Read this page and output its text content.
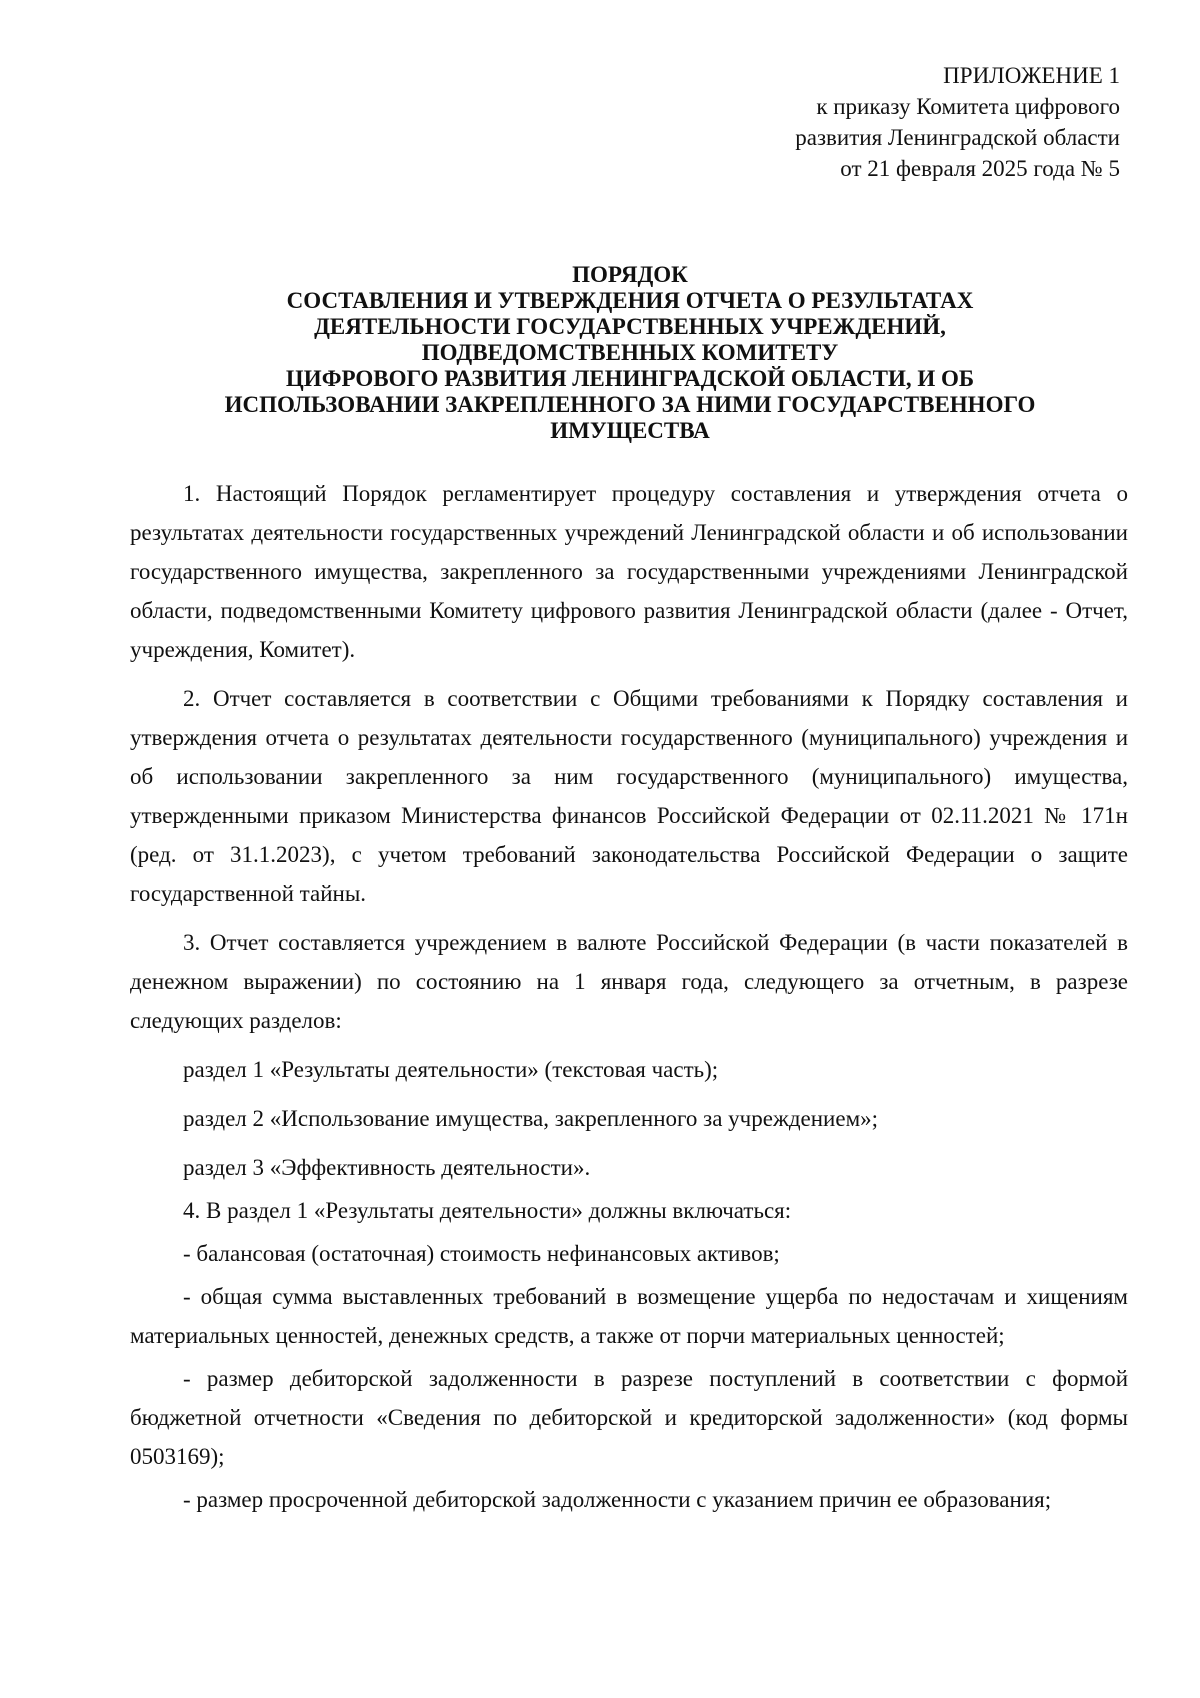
ПРИЛОЖЕНИЕ 1
к приказу Комитета цифрового
развития Ленинградской области
от 21 февраля 2025 года № 5
ПОРЯДОК
СОСТАВЛЕНИЯ И УТВЕРЖДЕНИЯ ОТЧЕТА О РЕЗУЛЬТАТАХ
ДЕЯТЕЛЬНОСТИ ГОСУДАРСТВЕННЫХ УЧРЕЖДЕНИЙ,
ПОДВЕДОМСТВЕННЫХ КОМИТЕТУ
ЦИФРОВОГО РАЗВИТИЯ ЛЕНИНГРАДСКОЙ ОБЛАСТИ, И ОБ
ИСПОЛЬЗОВАНИИ ЗАКРЕПЛЕННОГО ЗА НИМИ ГОСУДАРСТВЕННОГО
ИМУЩЕСТВА

1. Настоящий Порядок регламентирует процедуру составления и утверждения отчета о результатах деятельности государственных учреждений Ленинградской области и об использовании государственного имущества, закрепленного за государственными учреждениями Ленинградской области, подведомственными Комитету цифрового развития Ленинградской области (далее - Отчет, учреждения, Комитет).

2. Отчет составляется в соответствии с Общими требованиями к Порядку составления и утверждения отчета о результатах деятельности государственного (муниципального) учреждения и об использовании закрепленного за ним государственного (муниципального) имущества, утвержденными приказом Министерства финансов Российской Федерации от 02.11.2021 № 171н (ред. от 31.1.2023), с учетом требований законодательства Российской Федерации о защите государственной тайны.

3. Отчет составляется учреждением в валюте Российской Федерации (в части показателей в денежном выражении) по состоянию на 1 января года, следующего за отчетным, в разрезе следующих разделов:

раздел 1 «Результаты деятельности» (текстовая часть);
раздел 2 «Использование имущества, закрепленного за учреждением»;
раздел 3 «Эффективность деятельности».
4. В раздел 1 «Результаты деятельности» должны включаться:
- балансовая (остаточная) стоимость нефинансовых активов;

- общая сумма выставленных требований в возмещение ущерба по недостачам и хищениям материальных ценностей, денежных средств, а также от порчи материальных ценностей;

- размер дебиторской задолженности в разрезе поступлений в соответствии с формой бюджетной отчетности «Сведения по дебиторской и кредиторской задолженности» (код формы 0503169);

- размер просроченной дебиторской задолженности с указанием причин ее образования;
